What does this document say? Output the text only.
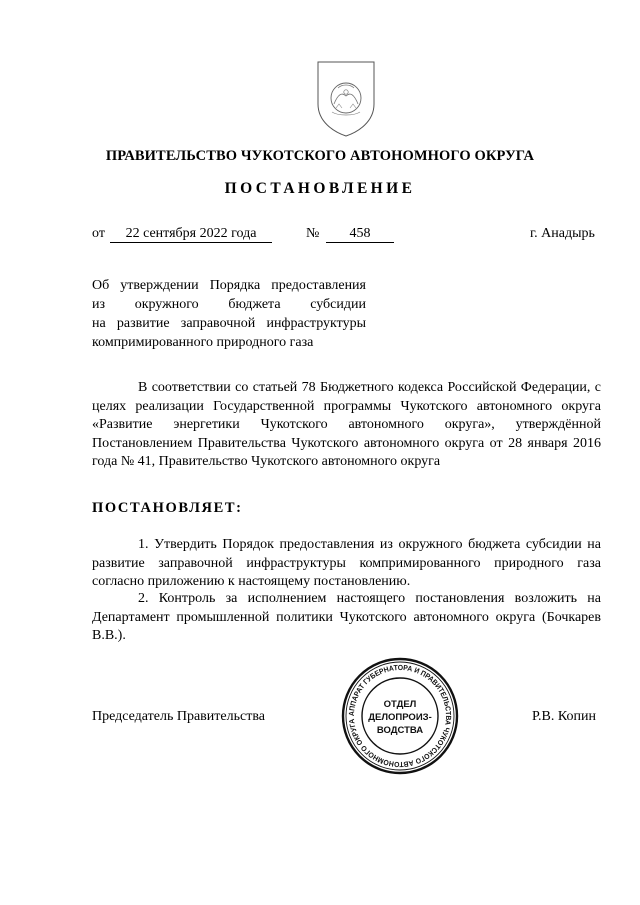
ПРАВИТЕЛЬСТВО ЧУКОТСКОГО АВТОНОМНОГО ОКРУГА
ПОСТАНОВЛЕНИЕ
от	22 сентября 2022 года	№	458	г. Анадырь
Об утверждении Порядка предоставления
из окружного бюджета субсидии
на развитие заправочной инфраструктуры
компримированного природного газа
В соответствии со статьей 78 Бюджетного кодекса Российской Федерации, с целях реализации Государственной программы Чукотского автономного округа «Развитие энергетики Чукотского автономного округа», утверждённой Постановлением Правительства Чукотского автономного округа от 28 января 2016 года № 41, Правительство Чукотского автономного округа
ПОСТАНОВЛЯЕТ:
1. Утвердить Порядок предоставления из окружного бюджета субсидии на развитие заправочной инфраструктуры компримированного природного газа согласно приложению к настоящему постановлению.
2. Контроль за исполнением настоящего постановления возложить на Департамент промышленной политики Чукотского автономного округа (Бочкарев В.В.).
Председатель Правительства	Р.В. Копин
АППАРАТ ГУБЕРНАТОРА И ПРАВИТЕЛЬСТВА ЧУКОТСКОГО АВТОНОМНОГО ОКРУГА
ОТДЕЛ
ДЕЛОПРОИЗ-
ВОДСТВА
